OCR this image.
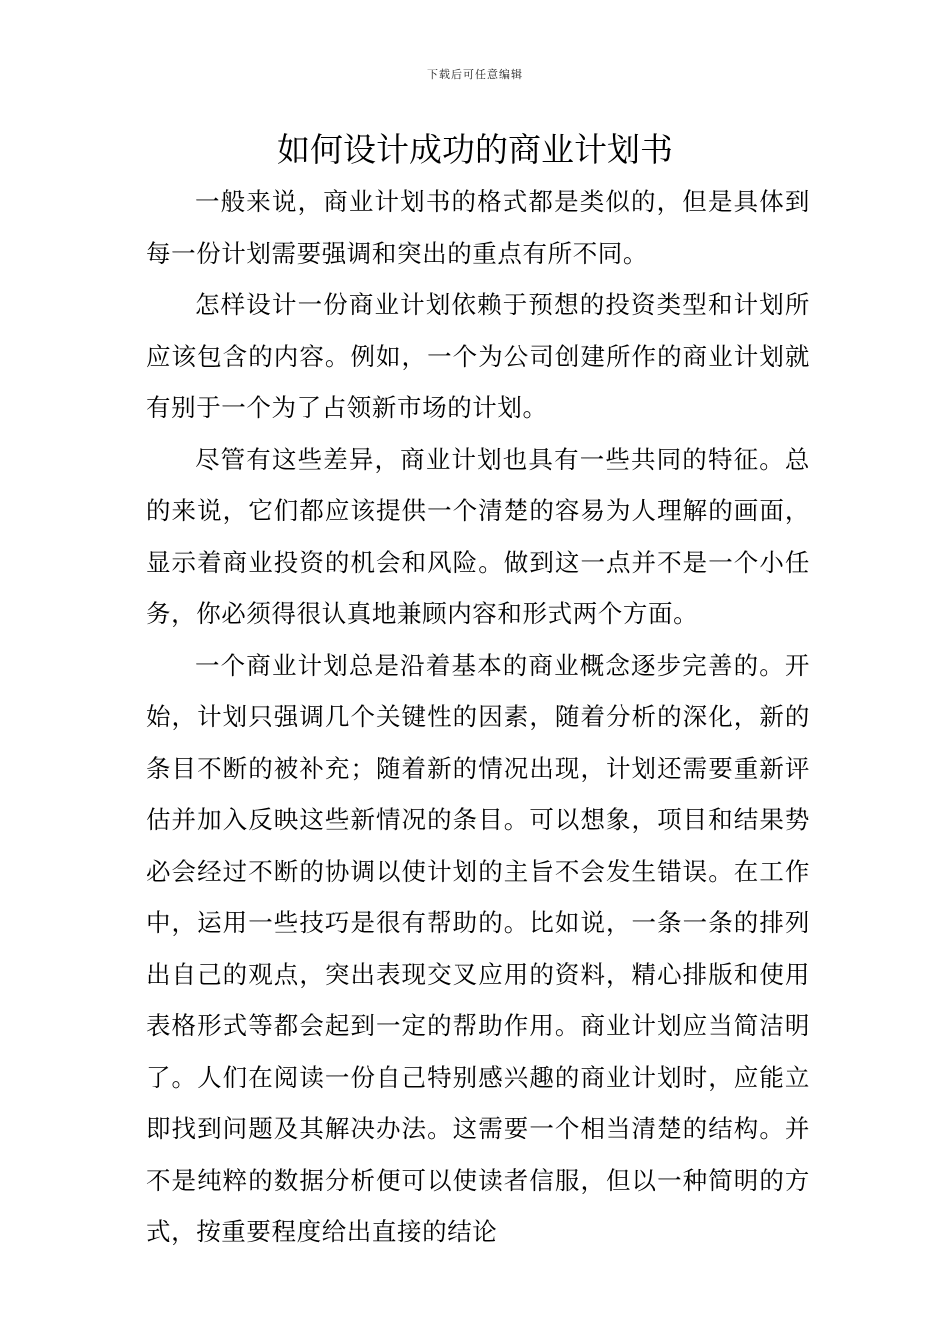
下载后可任意编辑
如何设计成功的商业计划书

一般来说，商业计划书的格式都是类似的，但是具体到每一份计划需要强调和突出的重点有所不同。

怎样设计一份商业计划依赖于预想的投资类型和计划所应该包含的内容。例如，一个为公司创建所作的商业计划就有别于一个为了占领新市场的计划。

尽管有这些差异，商业计划也具有一些共同的特征。总的来说，它们都应该提供一个清楚的容易为人理解的画面，显示着商业投资的机会和风险。做到这一点并不是一个小任务，你必须得很认真地兼顾内容和形式两个方面。

一个商业计划总是沿着基本的商业概念逐步完善的。开始，计划只强调几个关键性的因素，随着分析的深化，新的条目不断的被补充；随着新的情况出现，计划还需要重新评估并加入反映这些新情况的条目。可以想象，项目和结果势必会经过不断的协调以使计划的主旨不会发生错误。在工作中，运用一些技巧是很有帮助的。比如说，一条一条的排列出自己的观点，突出表现交叉应用的资料，精心排版和使用表格形式等都会起到一定的帮助作用。商业计划应当简洁明了。人们在阅读一份自己特别感兴趣的商业计划时，应能立即找到问题及其解决办法。这需要一个相当清楚的结构。并不是纯粹的数据分析便可以使读者信服，但以一种简明的方式，按重要程度给出直接的结论
